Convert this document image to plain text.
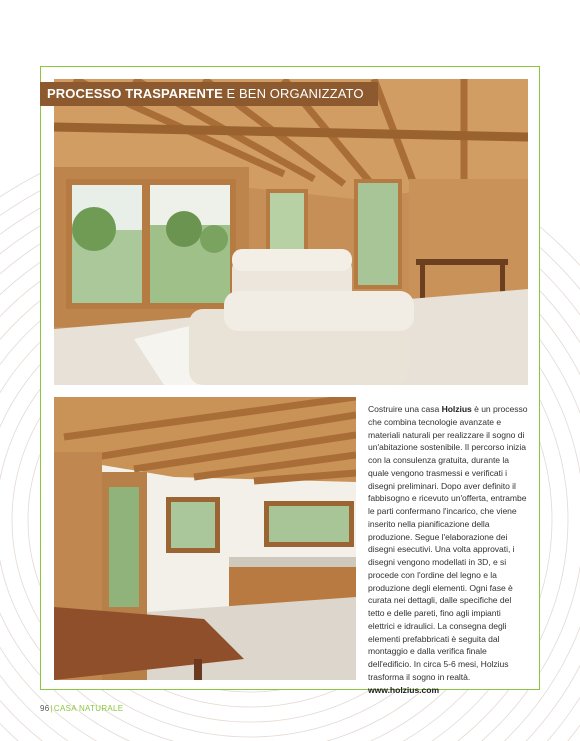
PROCESSO TRASPARENTE E BEN ORGANIZZATO
Costruire una casa Holzius è un processo che combina tecnologie avanzate e materiali naturali per realizzare il sogno di un'abitazione sostenibile. Il percorso inizia con la consulenza gratuita, durante la quale vengono trasmessi e verificati i disegni preliminari. Dopo aver definito il fabbisogno e ricevuto un'offerta, entrambe le parti confermano l'incarico, che viene inserito nella pianificazione della produzione. Segue l'elaborazione dei disegni esecutivi. Una volta approvati, i disegni vengono modellati in 3D, e si procede con l'ordine del legno e la produzione degli elementi. Ogni fase è curata nei dettagli, dalle specifiche del tetto e delle pareti, fino agli impianti elettrici e idraulici. La consegna degli elementi prefabbricati è seguita dal montaggio e dalla verifica finale dell'edificio. In circa 5-6 mesi, Holzius trasforma il sogno in realtà.
www.holzius.com
96|CASA NATURALE
